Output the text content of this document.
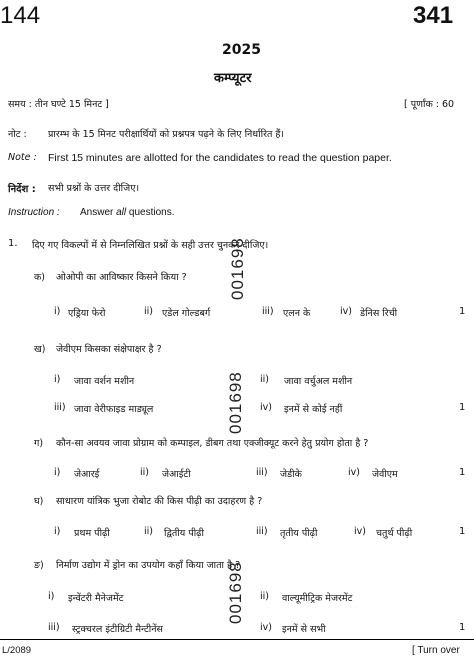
144	341
2025
कम्प्यूटर
समय : तीन घण्टे 15 मिनट ]	[ पूर्णांक : 60
नोट : प्रारम्भ के 15 मिनट परीक्षार्थियों को प्रश्नपत्र पढ़ने के लिए निर्धारित हैं।
Note : First 15 minutes are allotted for the candidates to read the question paper.
निर्देश : सभी प्रश्नों के उत्तर दीजिए।
Instruction : Answer all questions.
1. दिए गए विकल्पों में से निम्नलिखित प्रश्नों के सही उत्तर चुनकर दीजिए।
क) ओओपी का आविष्कार किसने किया ?
i) एड्रिया फेरो	ii) एडेल गोल्डबर्ग	iii) एलन के	iv) डेनिस रिची	1
ख) जेवीएम किसका संक्षेपाक्षर है ?
i) जावा वर्शन मशीन	ii) जावा वर्चुअल मशीन
iii) जावा वेरीफाइड माड्यूल	iv) इनमें से कोई नहीं	1
ग) कौन-सा अवयव जावा प्रोग्राम को कम्पाइल, डीबग तथा एक्जीक्यूट करने हेतु प्रयोग होता है ?
i) जेआरई	ii) जेआईटी	iii) जेडीके	iv) जेवीएम	1
घ) साधारण यांत्रिक भुजा रोबोट की किस पीढ़ी का उदाहरण है ?
i) प्रथम पीढ़ी	ii) द्वितीय पीढ़ी	iii) तृतीय पीढ़ी	iv) चतुर्थ पीढ़ी	1
ङ) निर्माण उद्योग में ड्रोन का उपयोग कहाँ किया जाता है ?
i) इन्वेंटरी मैनेजमेंट	ii) वाल्यूमीट्रिक मेजरमेंट
iii) स्ट्रक्चरल इंटीग्रिटी मैन्टीनेंस	iv) इनमें से सभी	1
L/2089	[ Turn over
001698
001698
001698
